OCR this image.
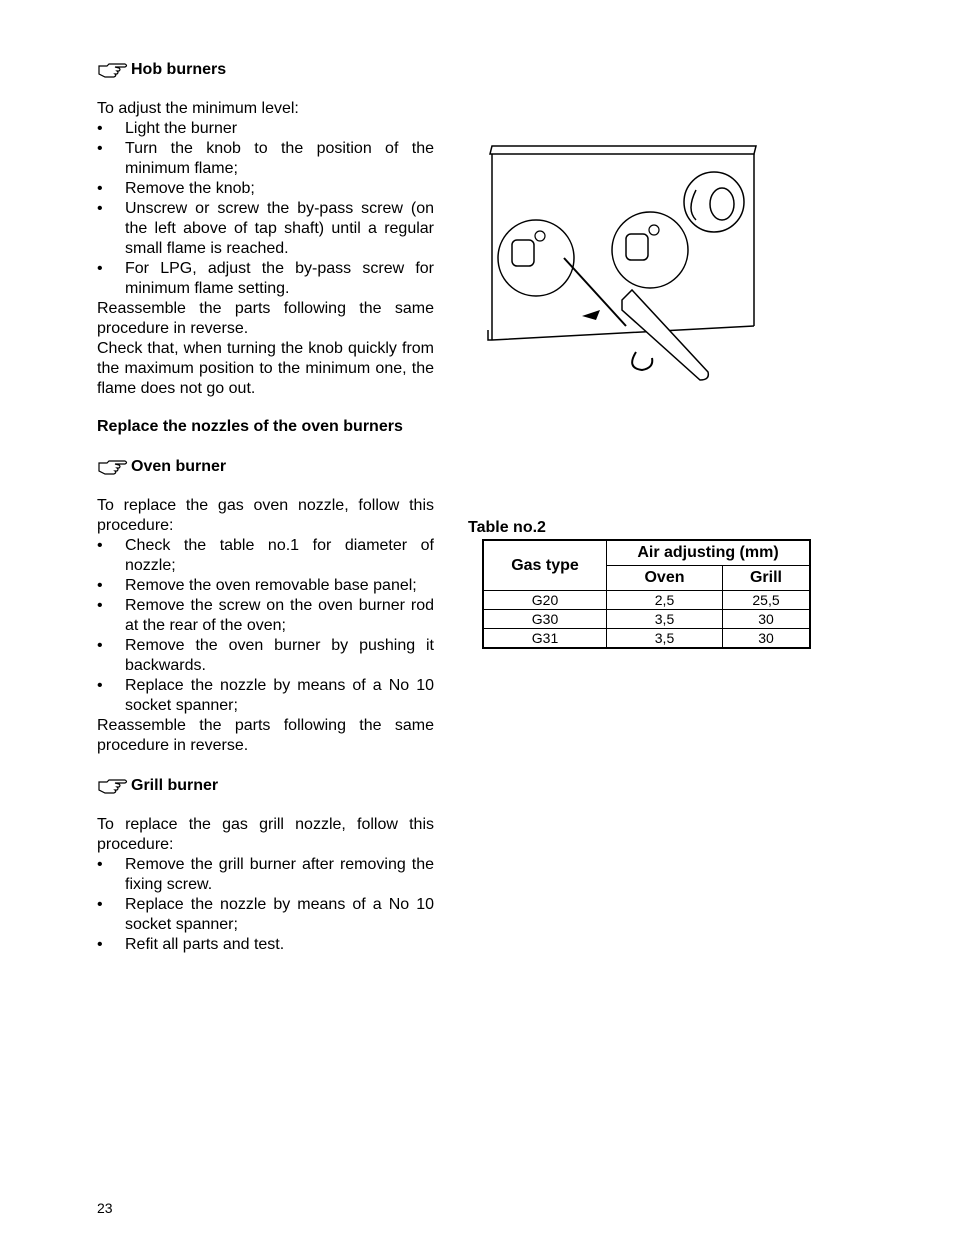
Hob burners

To adjust the minimum level:

• Light the burner
• Turn the knob to the position of the minimum flame;
• Remove the knob;
• Unscrew or screw the by-pass screw (on the left above of tap shaft) until a regular small flame is reached.
• For LPG, adjust the by-pass screw for minimum flame setting.

Reassemble the parts following the same procedure in reverse.

Check that, when turning the knob quickly from the maximum position to the minimum one, the flame does not go out.

Replace the nozzles of the oven burners

Oven burner

To replace the gas oven nozzle, follow this procedure:

• Check the table no.1 for diameter of nozzle;
• Remove the oven removable base panel;
• Remove the screw on the oven burner rod at the rear of the oven;
• Remove the oven burner by pushing it backwards.
• Replace the nozzle by means of a No 10 socket spanner;

Reassemble the parts following the same procedure in reverse.

Grill burner

To replace the gas grill nozzle, follow this procedure:

• Remove the grill burner after removing the fixing screw.
• Replace the nozzle by means of a No 10 socket spanner;
• Refit all parts and test.
Table no.2
Gas type	Air adjusting (mm)	
	Oven	Grill
G20	2,5	25,5
G30	3,5	30
G31	3,5	30
23
